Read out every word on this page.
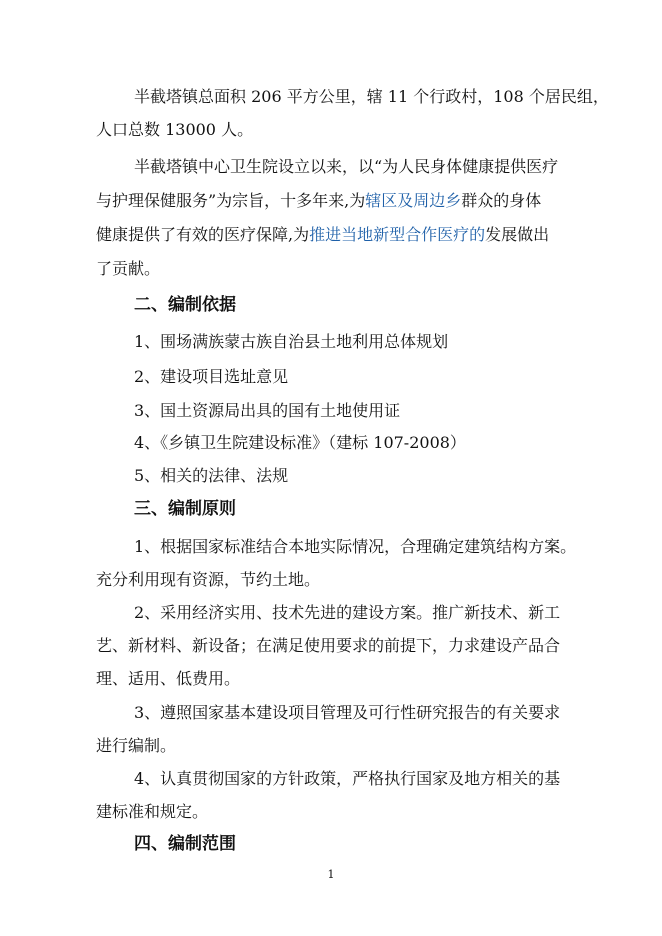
半截塔镇总面积 206 平方公里，辖 11 个行政村，108 个居民组，
人口总数 13000 人。
半截塔镇中心卫生院设立以来，以“为人民身体健康提供医疗
与护理保健服务”为宗旨，十多年来,为辖区及周边乡群众的身体
健康提供了有效的医疗保障,为推进当地新型合作医疗的发展做出
了贡献。
二、编制依据
1、围场满族蒙古族自治县土地利用总体规划
2、建设项目选址意见
3、国土资源局出具的国有土地使用证
4、《乡镇卫生院建设标准》（建标 107-2008）
5、相关的法律、法规
三、编制原则
1、根据国家标准结合本地实际情况，合理确定建筑结构方案。
充分利用现有资源，节约土地。
2、采用经济实用、技术先进的建设方案。推广新技术、新工
艺、新材料、新设备；在满足使用要求的前提下，力求建设产品合
理、适用、低费用。
3、遵照国家基本建设项目管理及可行性研究报告的有关要求
进行编制。
4、认真贯彻国家的方针政策，严格执行国家及地方相关的基
建标准和规定。
四、编制范围
1
